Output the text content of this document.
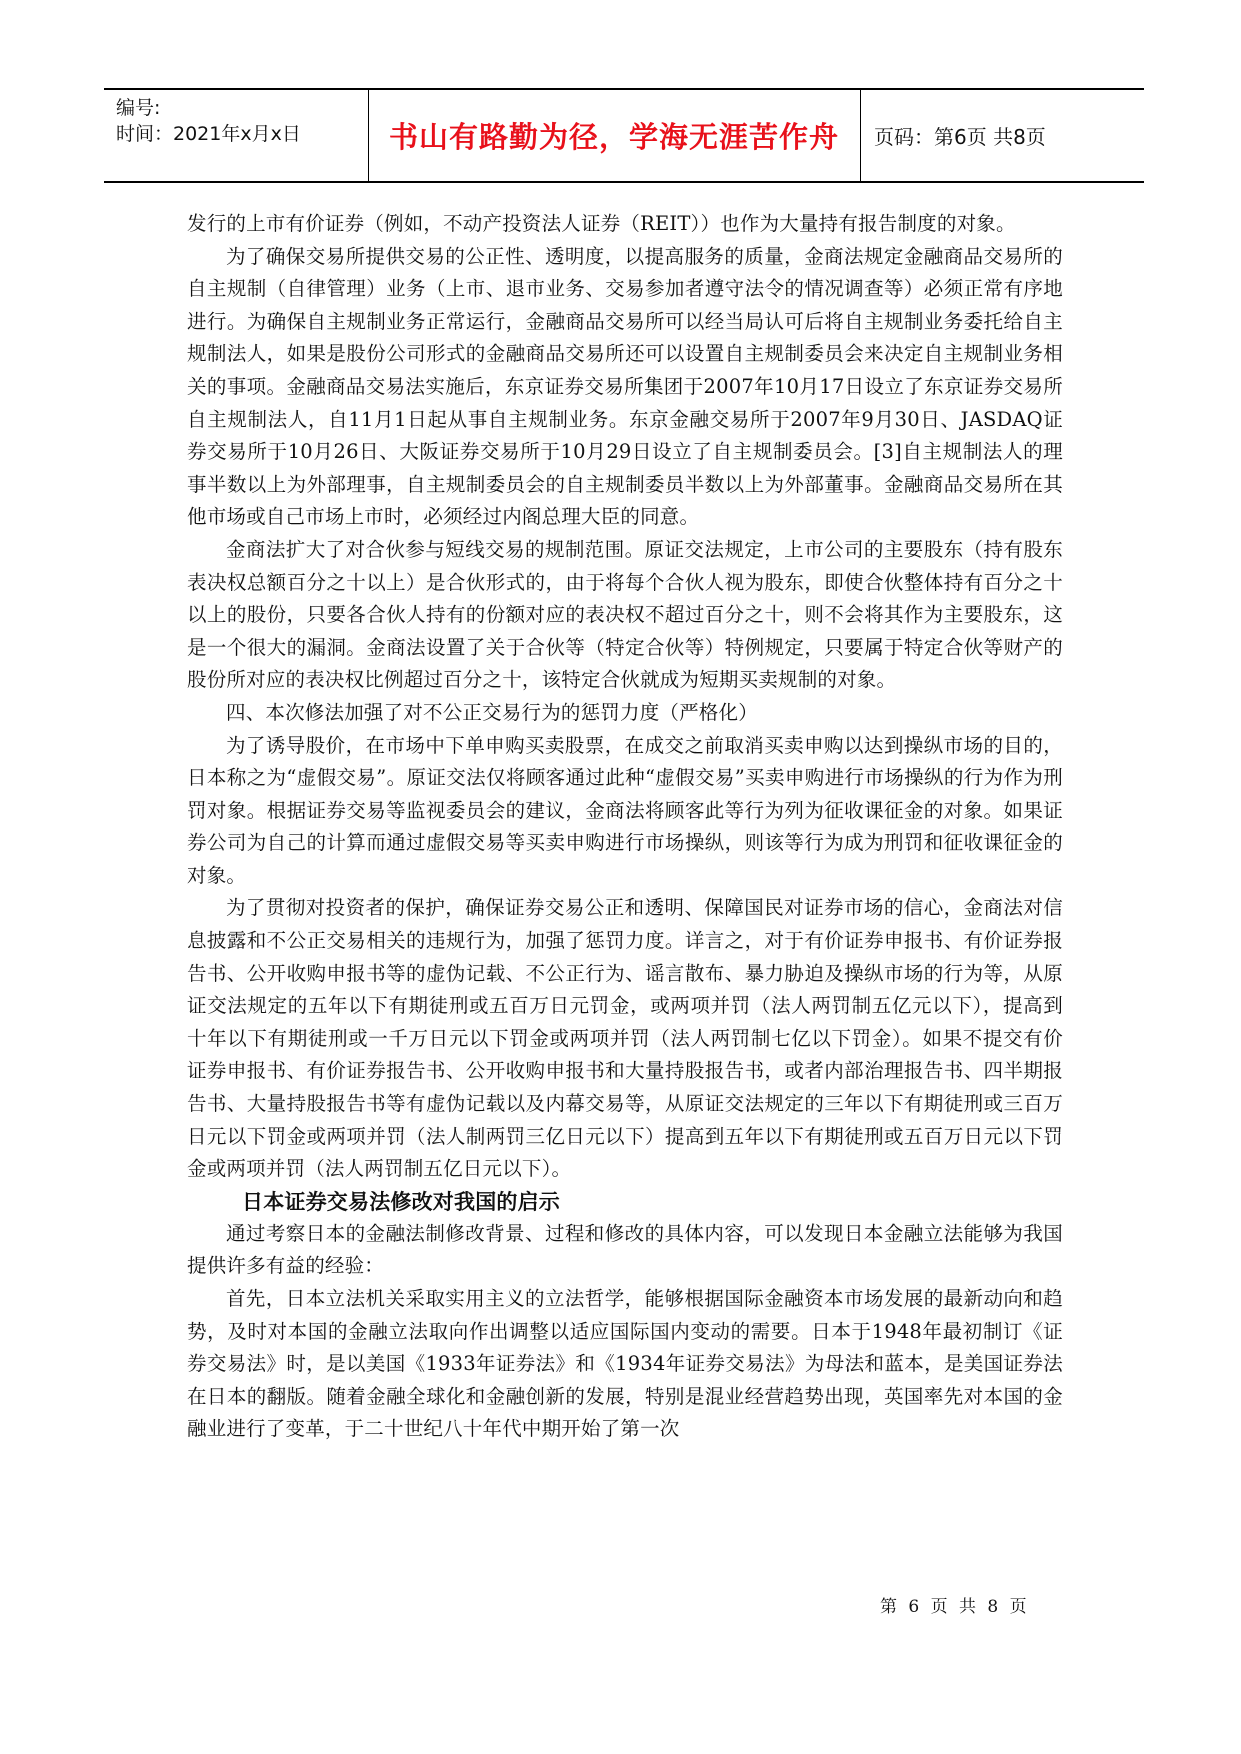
编号:
时间：2021年x月x日	书山有路勤为径，学海无涯苦作舟	页码：第6页 共8页

发行的上市有价证券（例如，不动产投资法人证券（REIT））也作为大量持有报告制度的对象。

为了确保交易所提供交易的公正性、透明度，以提高服务的质量，金商法规定金融商品交易所的自主规制（自律管理）业务（上市、退市业务、交易参加者遵守法令的情况调查等）必须正常有序地进行。为确保自主规制业务正常运行，金融商品交易所可以经当局认可后将自主规制业务委托给自主规制法人，如果是股份公司形式的金融商品交易所还可以设置自主规制委员会来决定自主规制业务相关的事项。金融商品交易法实施后，东京证券交易所集团于2007年10月17日设立了东京证券交易所自主规制法人，自11月1日起从事自主规制业务。东京金融交易所于2007年9月30日、JASDAQ证券交易所于10月26日、大阪证券交易所于10月29日设立了自主规制委员会。[3]自主规制法人的理事半数以上为外部理事，自主规制委员会的自主规制委员半数以上为外部董事。金融商品交易所在其他市场或自己市场上市时，必须经过内阁总理大臣的同意。

金商法扩大了对合伙参与短线交易的规制范围。原证交法规定，上市公司的主要股东（持有股东表决权总额百分之十以上）是合伙形式的，由于将每个合伙人视为股东，即使合伙整体持有百分之十以上的股份，只要各合伙人持有的份额对应的表决权不超过百分之十，则不会将其作为主要股东，这是一个很大的漏洞。金商法设置了关于合伙等（特定合伙等）特例规定，只要属于特定合伙等财产的股份所对应的表决权比例超过百分之十，该特定合伙就成为短期买卖规制的对象。

四、本次修法加强了对不公正交易行为的惩罚力度（严格化）

为了诱导股价，在市场中下单申购买卖股票，在成交之前取消买卖申购以达到操纵市场的目的，日本称之为“虚假交易”。原证交法仅将顾客通过此种“虚假交易”买卖申购进行市场操纵的行为作为刑罚对象。根据证券交易等监视委员会的建议，金商法将顾客此等行为列为征收课征金的对象。如果证券公司为自己的计算而通过虚假交易等买卖申购进行市场操纵，则该等行为成为刑罚和征收课征金的对象。

为了贯彻对投资者的保护，确保证券交易公正和透明、保障国民对证券市场的信心，金商法对信息披露和不公正交易相关的违规行为，加强了惩罚力度。详言之，对于有价证券申报书、有价证券报告书、公开收购申报书等的虚伪记载、不公正行为、谣言散布、暴力胁迫及操纵市场的行为等，从原证交法规定的五年以下有期徒刑或五百万日元罚金，或两项并罚（法人两罚制五亿元以下），提高到十年以下有期徒刑或一千万日元以下罚金或两项并罚（法人两罚制七亿以下罚金）。如果不提交有价证券申报书、有价证券报告书、公开收购申报书和大量持股报告书，或者内部治理报告书、四半期报告书、大量持股报告书等有虚伪记载以及内幕交易等，从原证交法规定的三年以下有期徒刑或三百万日元以下罚金或两项并罚（法人制两罚三亿日元以下）提高到五年以下有期徒刑或五百万日元以下罚金或两项并罚（法人两罚制五亿日元以下）。

日本证券交易法修改对我国的启示

通过考察日本的金融法制修改背景、过程和修改的具体内容，可以发现日本金融立法能够为我国提供许多有益的经验：

首先，日本立法机关采取实用主义的立法哲学，能够根据国际金融资本市场发展的最新动向和趋势，及时对本国的金融立法取向作出调整以适应国际国内变动的需要。日本于1948年最初制订《证券交易法》时，是以美国《1933年证券法》和《1934年证券交易法》为母法和蓝本，是美国证券法在日本的翻版。随着金融全球化和金融创新的发展，特别是混业经营趋势出现，英国率先对本国的金融业进行了变革，于二十世纪八十年代中期开始了第一次

第 6 页 共 8 页
